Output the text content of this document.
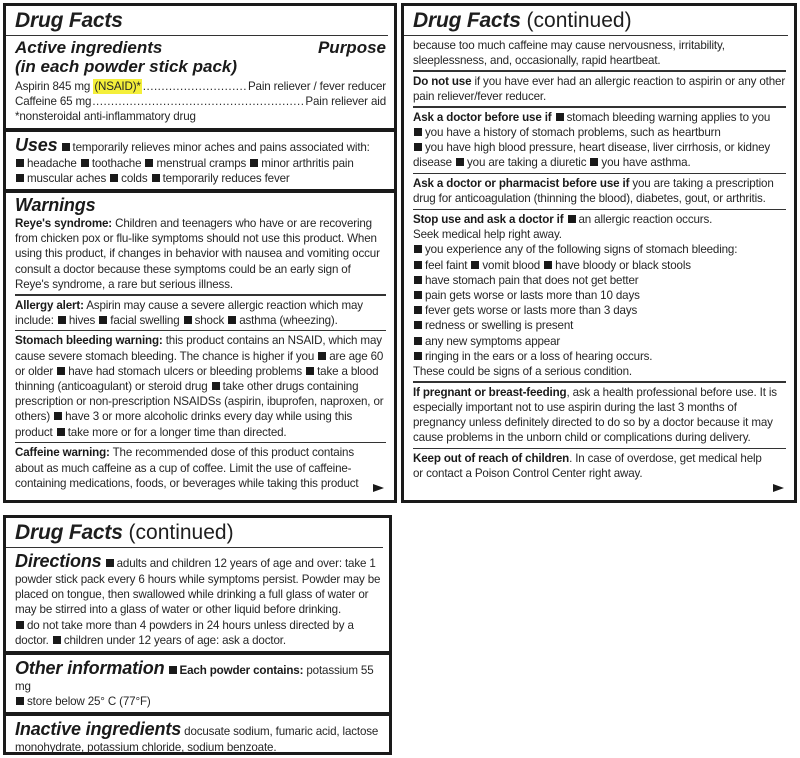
Drug Facts
Active ingredients
(in each powder stick pack)
Purpose
Aspirin 845 mg
(NSAID)* .....	Pain reliever / fever reducer
Caffeine 65 mg .....	Pain reliever aid
*nonsteroidal anti-inflammatory drug
Uses temporarily relieves minor aches and pains associated with:
headache toothache menstrual cramps minor arthritis pain
muscular aches colds temporarily reduces fever
Warnings
Reye's syndrome: Children and teenagers who have or are recovering from chicken pox or flu-like symptoms should not use this product. When using this product, if changes in behavior with nausea and vomiting occur consult a doctor because these symptoms could be an early sign of Reye's syndrome, a rare but serious illness.
Allergy alert: Aspirin may cause a severe allergic reaction which may include: hives facial swelling shock asthma (wheezing).
Stomach bleeding warning: this product contains an NSAID, which may cause severe stomach bleeding. The chance is higher if you are age 60 or older have had stomach ulcers or bleeding problems take a blood thinning (anticoagulant) or steroid drug take other drugs containing prescription or non-prescription NSAIDSs (aspirin, ibuprofen, naproxen, or others) have 3 or more alcoholic drinks every day while using this product take more or for a longer time than directed.
Caffeine warning: The recommended dose of this product contains about as much caffeine as a cup of coffee. Limit the use of caffeine-containing medications, foods, or beverages while taking this product
Drug Facts (continued)
because too much caffeine may cause nervousness, irritability, sleeplessness, and, occasionally, rapid heartbeat.
Do not use if you have ever had an allergic reaction to aspirin or any other pain reliever/fever reducer.
Ask a doctor before use if stomach bleeding warning applies to you
you have a history of stomach problems, such as heartburn
you have high blood pressure, heart disease, liver cirrhosis, or kidney disease you are taking a diuretic you have asthma.
Ask a doctor or pharmacist before use if you are taking a prescription drug for anticoagulation (thinning the blood), diabetes, gout, or arthritis.
Stop use and ask a doctor if an allergic reaction occurs.
Seek medical help right away.
you experience any of the following signs of stomach bleeding:
feel faint vomit blood have bloody or black stools
have stomach pain that does not get better
pain gets worse or lasts more than 10 days
fever gets worse or lasts more than 3 days
redness or swelling is present
any new symptoms appear
ringing in the ears or a loss of hearing occurs.
These could be signs of a serious condition.
If pregnant or breast-feeding, ask a health professional before use. It is especially important not to use aspirin during the last 3 months of pregnancy unless definitely directed to do so by a doctor because it may cause problems in the unborn child or complications during delivery.
Keep out of reach of children. In case of overdose, get medical help or contact a Poison Control Center right away.
Drug Facts (continued)
Directions adults and children 12 years of age and over: take 1 powder stick pack every 6 hours while symptoms persist. Powder may be placed on tongue, then swallowed while drinking a full glass of water or may be stirred into a glass of water or other liquid before drinking.
do not take more than 4 powders in 24 hours unless directed by a doctor. children under 12 years of age: ask a doctor.
Other information Each powder contains: potassium 55 mg
store below 25° C (77°F)
Inactive ingredients docusate sodium, fumaric acid, lactose monohydrate, potassium chloride, sodium benzoate.
